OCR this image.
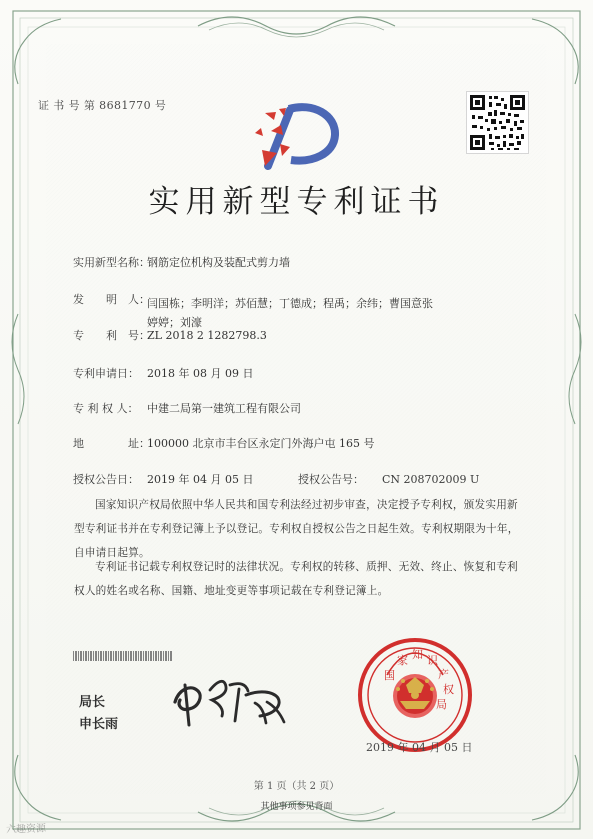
证 书 号 第 8681770 号
实用新型专利证书
实用新型名称：
钢筋定位机构及装配式剪力墙
发　　明　人：
闫国栋；李明洋；苏佰慧；丁德成；程禹；余纬；曹国意张婷婷；刘濠
专　　利　号：
ZL 2018 2 1282798.3
专利申请日： 2018 年 08 月 09 日
专 利 权 人： 中建二局第一建筑工程有限公司
地　　　　址：
100000 北京市丰台区永定门外海户屯 165 号
授权公告日： 2019 年 04 月 05 日	授权公告号：	CN 208702009 U
国家知识产权局依照中华人民共和国专利法经过初步审查，决定授予专利权，颁发实用新型专利证书并在专利登记簿上予以登记。专利权自授权公告之日起生效。专利权期限为十年，自申请日起算。
专利证书记载专利权登记时的法律状况。专利权的转移、质押、无效、终止、恢复和专利权人的姓名或名称、国籍、地址变更等事项记载在专利登记簿上。
局长
申长雨
国
家 知 识
产
权
局
2019 年 04 月 05 日
第 1 页（共 2 页）
其他事项参见背面
六趣资源
